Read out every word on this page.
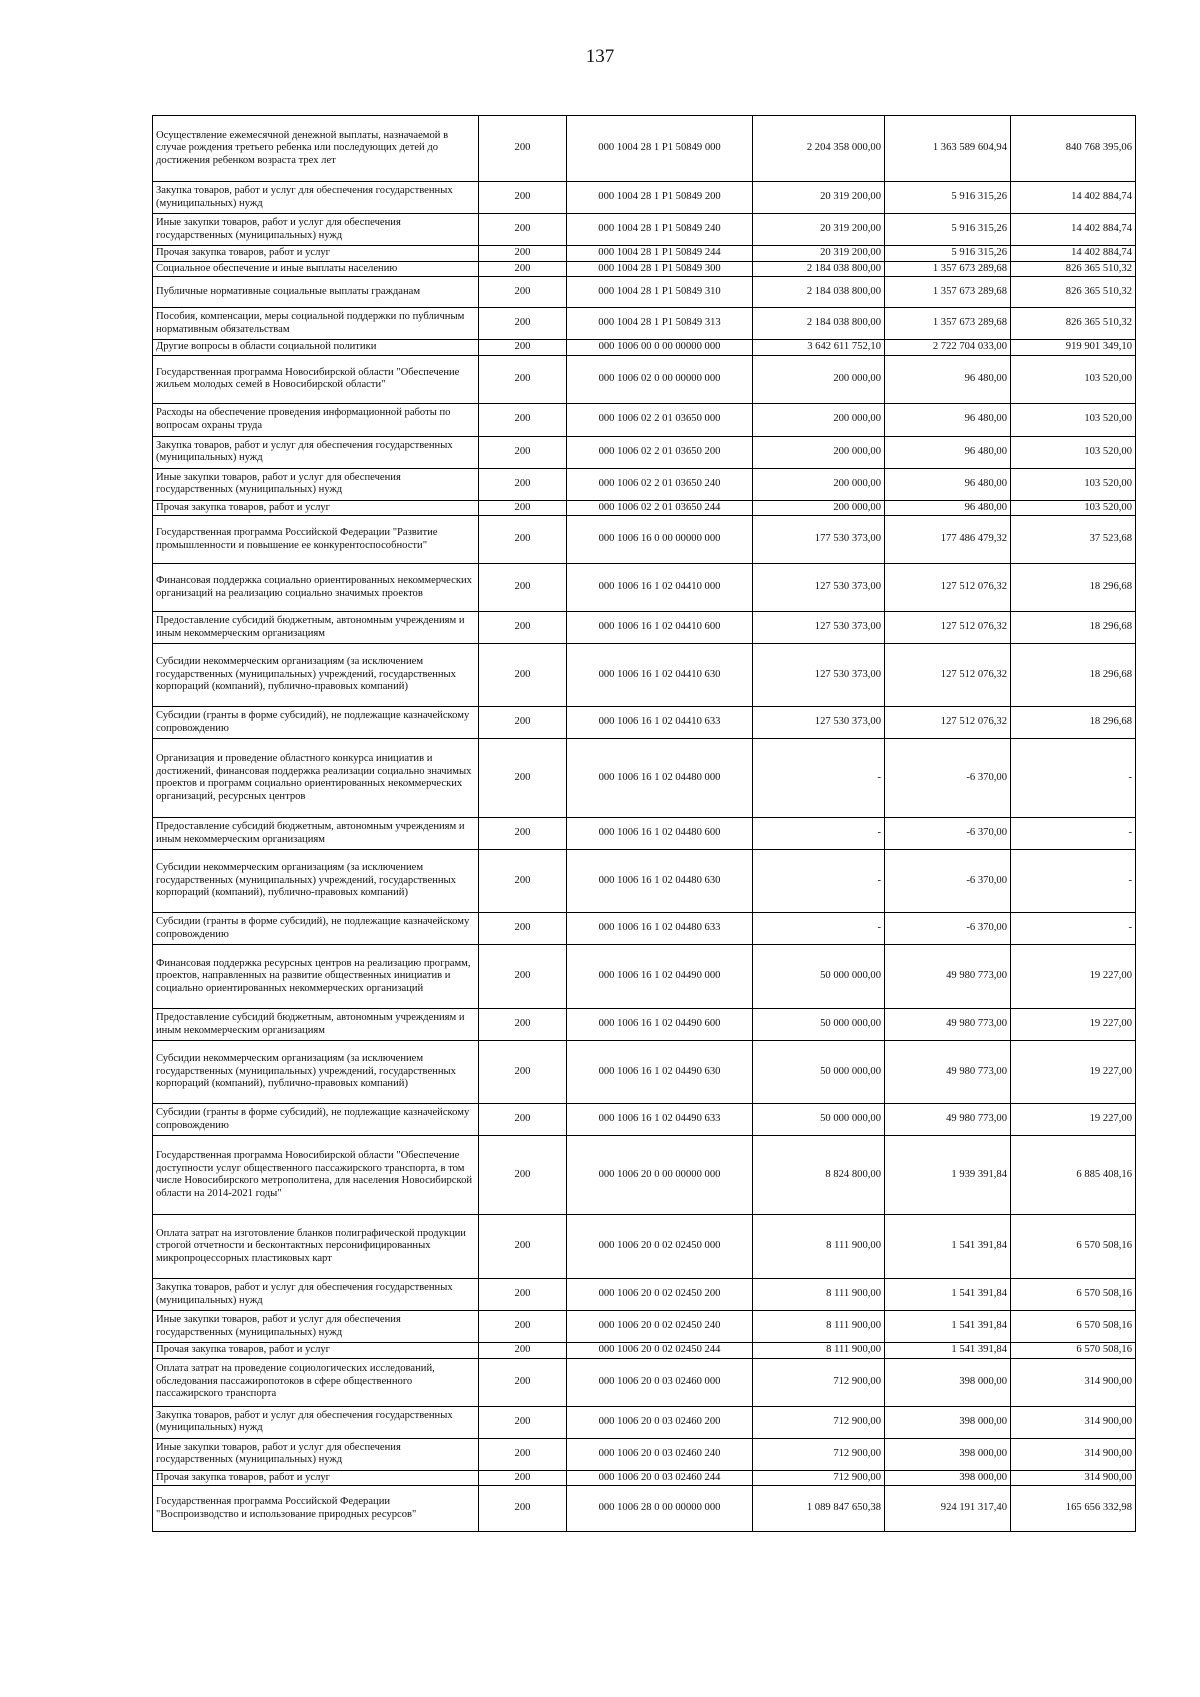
137
Осуществление ежемесячной денежной выплаты, назначаемой в случае рождения третьего ребенка или последующих детей до достижения ребенком возраста трех лет	200	000 1004 28 1 P1 50849 000	2 204 358 000,00	1 363 589 604,94	840 768 395,06
Закупка товаров, работ и услуг для обеспечения государственных (муниципальных) нужд	200	000 1004 28 1 P1 50849 200	20 319 200,00	5 916 315,26	14 402 884,74
Иные закупки товаров, работ и услуг для обеспечения государственных (муниципальных) нужд	200	000 1004 28 1 P1 50849 240	20 319 200,00	5 916 315,26	14 402 884,74
Прочая закупка товаров, работ и услуг	200	000 1004 28 1 P1 50849 244	20 319 200,00	5 916 315,26	14 402 884,74
Социальное обеспечение и иные выплаты населению	200	000 1004 28 1 P1 50849 300	2 184 038 800,00	1 357 673 289,68	826 365 510,32
Публичные нормативные социальные выплаты гражданам	200	000 1004 28 1 P1 50849 310	2 184 038 800,00	1 357 673 289,68	826 365 510,32
Пособия, компенсации, меры социальной поддержки по публичным нормативным обязательствам	200	000 1004 28 1 P1 50849 313	2 184 038 800,00	1 357 673 289,68	826 365 510,32
Другие вопросы в области социальной политики	200	000 1006 00 0 00 00000 000	3 642 611 752,10	2 722 704 033,00	919 901 349,10
Государственная программа Новосибирской области "Обеспечение жильем молодых семей в Новосибирской области"	200	000 1006 02 0 00 00000 000	200 000,00	96 480,00	103 520,00
Расходы на обеспечение проведения информационной работы по вопросам охраны труда	200	000 1006 02 2 01 03650 000	200 000,00	96 480,00	103 520,00
Закупка товаров, работ и услуг для обеспечения государственных (муниципальных) нужд	200	000 1006 02 2 01 03650 200	200 000,00	96 480,00	103 520,00
Иные закупки товаров, работ и услуг для обеспечения государственных (муниципальных) нужд	200	000 1006 02 2 01 03650 240	200 000,00	96 480,00	103 520,00
Прочая закупка товаров, работ и услуг	200	000 1006 02 2 01 03650 244	200 000,00	96 480,00	103 520,00
Государственная программа Российской Федерации "Развитие промышленности и повышение ее конкурентоспособности"	200	000 1006 16 0 00 00000 000	177 530 373,00	177 486 479,32	37 523,68
Финансовая поддержка социально ориентированных некоммерческих организаций на реализацию социально значимых проектов	200	000 1006 16 1 02 04410 000	127 530 373,00	127 512 076,32	18 296,68
Предоставление субсидий бюджетным, автономным учреждениям и иным некоммерческим организациям	200	000 1006 16 1 02 04410 600	127 530 373,00	127 512 076,32	18 296,68
Субсидии некоммерческим организациям (за исключением государственных (муниципальных) учреждений, государственных корпораций (компаний), публично-правовых компаний)	200	000 1006 16 1 02 04410 630	127 530 373,00	127 512 076,32	18 296,68
Субсидии (гранты в форме субсидий), не подлежащие казначейскому сопровождению	200	000 1006 16 1 02 04410 633	127 530 373,00	127 512 076,32	18 296,68
Организация и проведение областного конкурса инициатив и достижений, финансовая поддержка реализации социально значимых проектов и программ социально ориентированных некоммерческих организаций, ресурсных центров	200	000 1006 16 1 02 04480 000	-	-6 370,00	-
Предоставление субсидий бюджетным, автономным учреждениям и иным некоммерческим организациям	200	000 1006 16 1 02 04480 600	-	-6 370,00	-
Субсидии некоммерческим организациям (за исключением государственных (муниципальных) учреждений, государственных корпораций (компаний), публично-правовых компаний)	200	000 1006 16 1 02 04480 630	-	-6 370,00	-
Субсидии (гранты в форме субсидий), не подлежащие казначейскому сопровождению	200	000 1006 16 1 02 04480 633	-	-6 370,00	-
Финансовая поддержка ресурсных центров на реализацию программ, проектов, направленных на развитие общественных инициатив и социально ориентированных некоммерческих организаций	200	000 1006 16 1 02 04490 000	50 000 000,00	49 980 773,00	19 227,00
Предоставление субсидий бюджетным, автономным учреждениям и иным некоммерческим организациям	200	000 1006 16 1 02 04490 600	50 000 000,00	49 980 773,00	19 227,00
Субсидии некоммерческим организациям (за исключением государственных (муниципальных) учреждений, государственных корпораций (компаний), публично-правовых компаний)	200	000 1006 16 1 02 04490 630	50 000 000,00	49 980 773,00	19 227,00
Субсидии (гранты в форме субсидий), не подлежащие казначейскому сопровождению	200	000 1006 16 1 02 04490 633	50 000 000,00	49 980 773,00	19 227,00
Государственная программа Новосибирской области "Обеспечение доступности услуг общественного пассажирского транспорта, в том числе Новосибирского метрополитена, для населения Новосибирской области на 2014-2021 годы"	200	000 1006 20 0 00 00000 000	8 824 800,00	1 939 391,84	6 885 408,16
Оплата затрат на изготовление бланков полиграфической продукции строгой отчетности и бесконтактных персонифицированных микропроцессорных пластиковых карт	200	000 1006 20 0 02 02450 000	8 111 900,00	1 541 391,84	6 570 508,16
Закупка товаров, работ и услуг для обеспечения государственных (муниципальных) нужд	200	000 1006 20 0 02 02450 200	8 111 900,00	1 541 391,84	6 570 508,16
Иные закупки товаров, работ и услуг для обеспечения государственных (муниципальных) нужд	200	000 1006 20 0 02 02450 240	8 111 900,00	1 541 391,84	6 570 508,16
Прочая закупка товаров, работ и услуг	200	000 1006 20 0 02 02450 244	8 111 900,00	1 541 391,84	6 570 508,16
Оплата затрат на проведение социологических исследований, обследования пассажиропотоков в сфере общественного пассажирского транспорта	200	000 1006 20 0 03 02460 000	712 900,00	398 000,00	314 900,00
Закупка товаров, работ и услуг для обеспечения государственных (муниципальных) нужд	200	000 1006 20 0 03 02460 200	712 900,00	398 000,00	314 900,00
Иные закупки товаров, работ и услуг для обеспечения государственных (муниципальных) нужд	200	000 1006 20 0 03 02460 240	712 900,00	398 000,00	314 900,00
Прочая закупка товаров, работ и услуг	200	000 1006 20 0 03 02460 244	712 900,00	398 000,00	314 900,00
Государственная программа Российской Федерации "Воспроизводство и использование природных ресурсов"	200	000 1006 28 0 00 00000 000	1 089 847 650,38	924 191 317,40	165 656 332,98
